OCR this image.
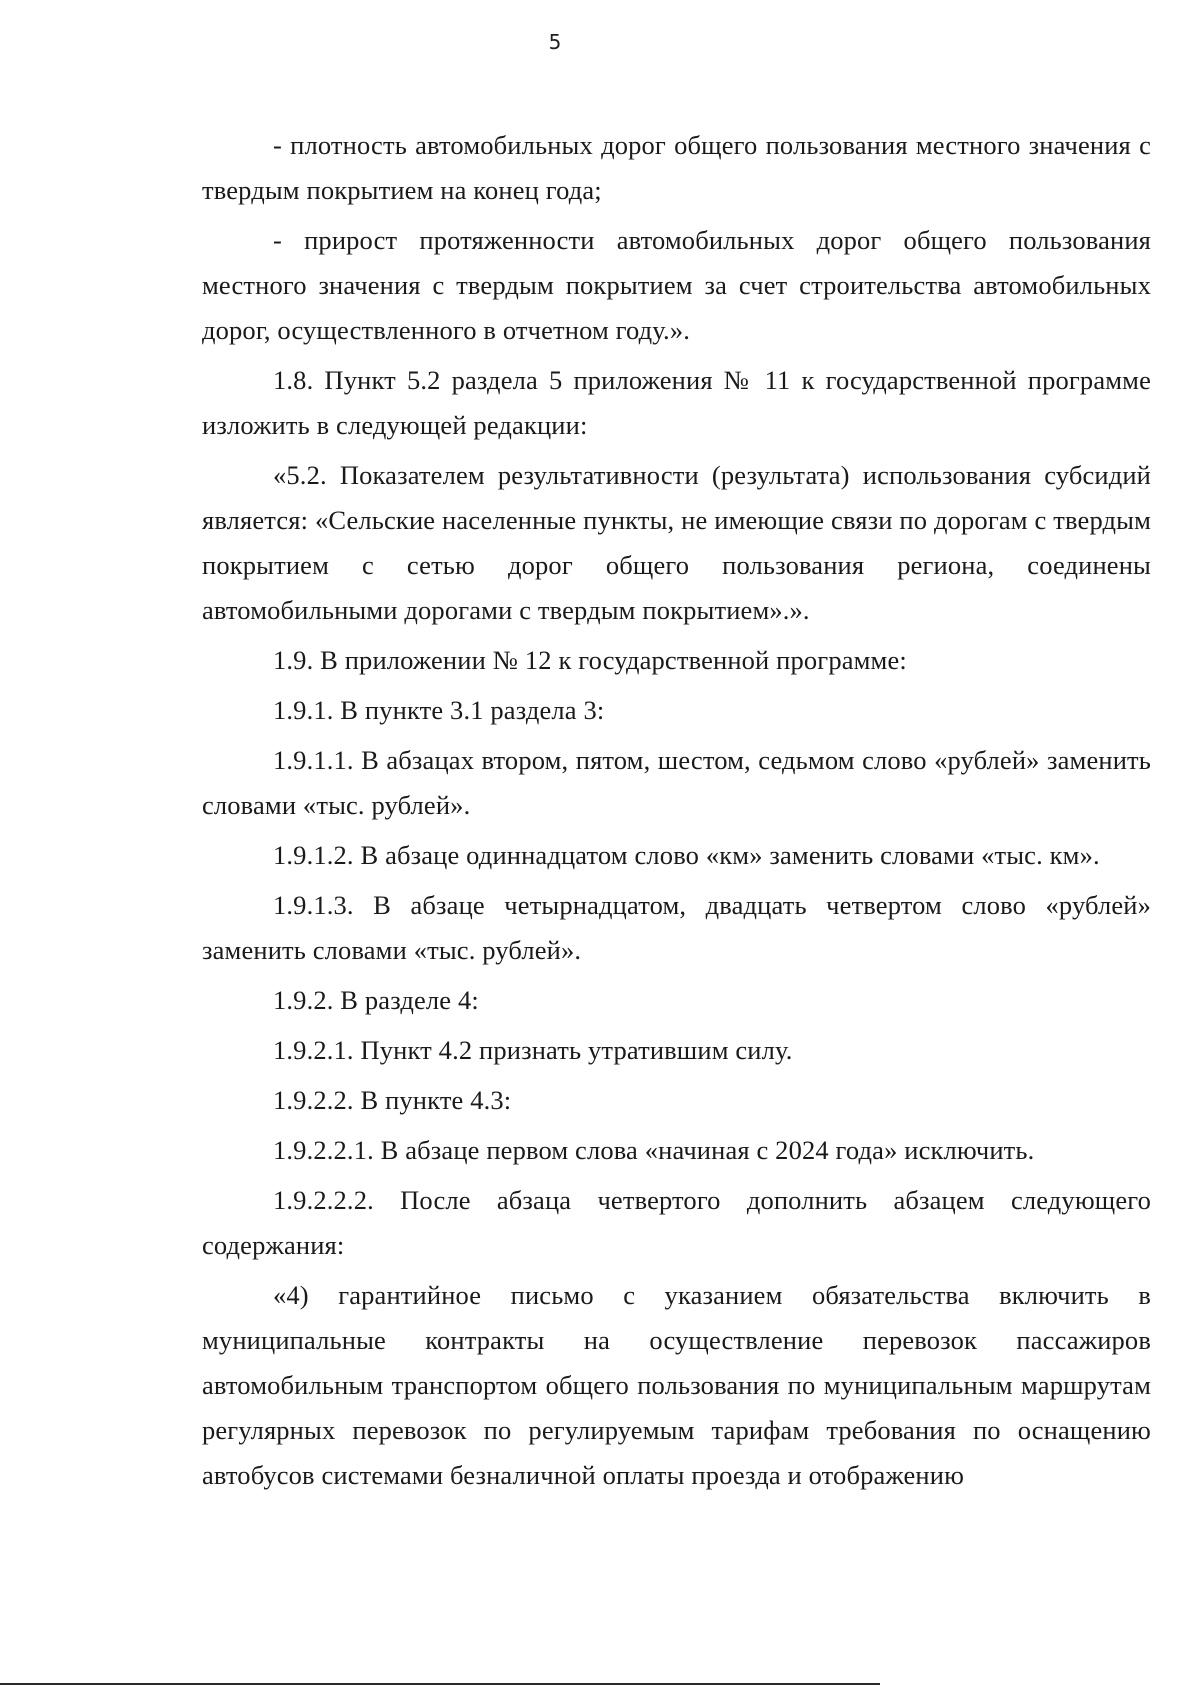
5

- плотность автомобильных дорог общего пользования местного значения с твердым покрытием на конец года;

- прирост протяженности автомобильных дорог общего пользования местного значения с твердым покрытием за счет строительства автомобильных дорог, осуществленного в отчетном году.».

1.8. Пункт 5.2 раздела 5 приложения № 11 к государственной программе изложить в следующей редакции:

«5.2. Показателем результативности (результата) использования субсидий является: «Сельские населенные пункты, не имеющие связи по дорогам с твердым покрытием с сетью дорог общего пользования региона, соединены автомобильными дорогами с твердым покрытием».».

1.9. В приложении № 12 к государственной программе:

1.9.1. В пункте 3.1 раздела 3:

1.9.1.1. В абзацах втором, пятом, шестом, седьмом слово «рублей» заменить словами «тыс. рублей».

1.9.1.2. В абзаце одиннадцатом слово «км» заменить словами «тыс. км».

1.9.1.3. В абзаце четырнадцатом, двадцать четвертом слово «рублей» заменить словами «тыс. рублей».

1.9.2. В разделе 4:

1.9.2.1. Пункт 4.2 признать утратившим силу.

1.9.2.2. В пункте 4.3:

1.9.2.2.1. В абзаце первом слова «начиная с 2024 года» исключить.

1.9.2.2.2. После абзаца четвертого дополнить абзацем следующего содержания:

«4) гарантийное письмо с указанием обязательства включить в муниципальные контракты на осуществление перевозок пассажиров автомобильным транспортом общего пользования по муниципальным маршрутам регулярных перевозок по регулируемым тарифам требования по оснащению автобусов системами безналичной оплаты проезда и отображению
